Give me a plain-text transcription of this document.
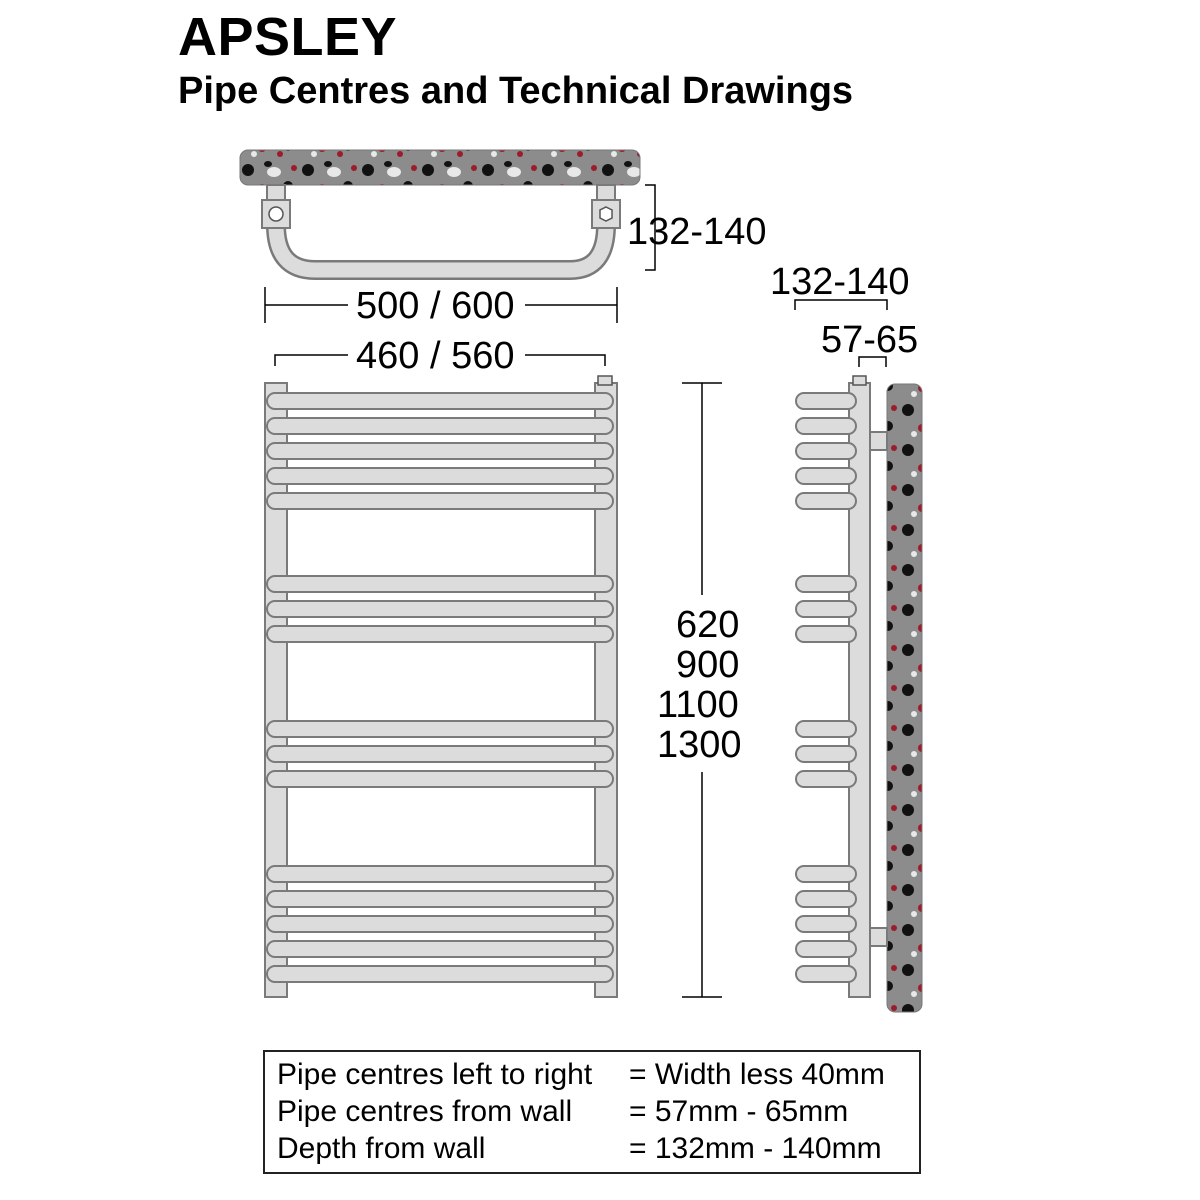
APSLEY
Pipe Centres and Technical Drawings
132-140
500 / 600
460 / 560
620
900
1100
1300
132-140
57-65
Pipe centres left to right = Width less 40mm
Pipe centres from wall = 57mm - 65mm
Depth from wall	= 132mm - 140mm
